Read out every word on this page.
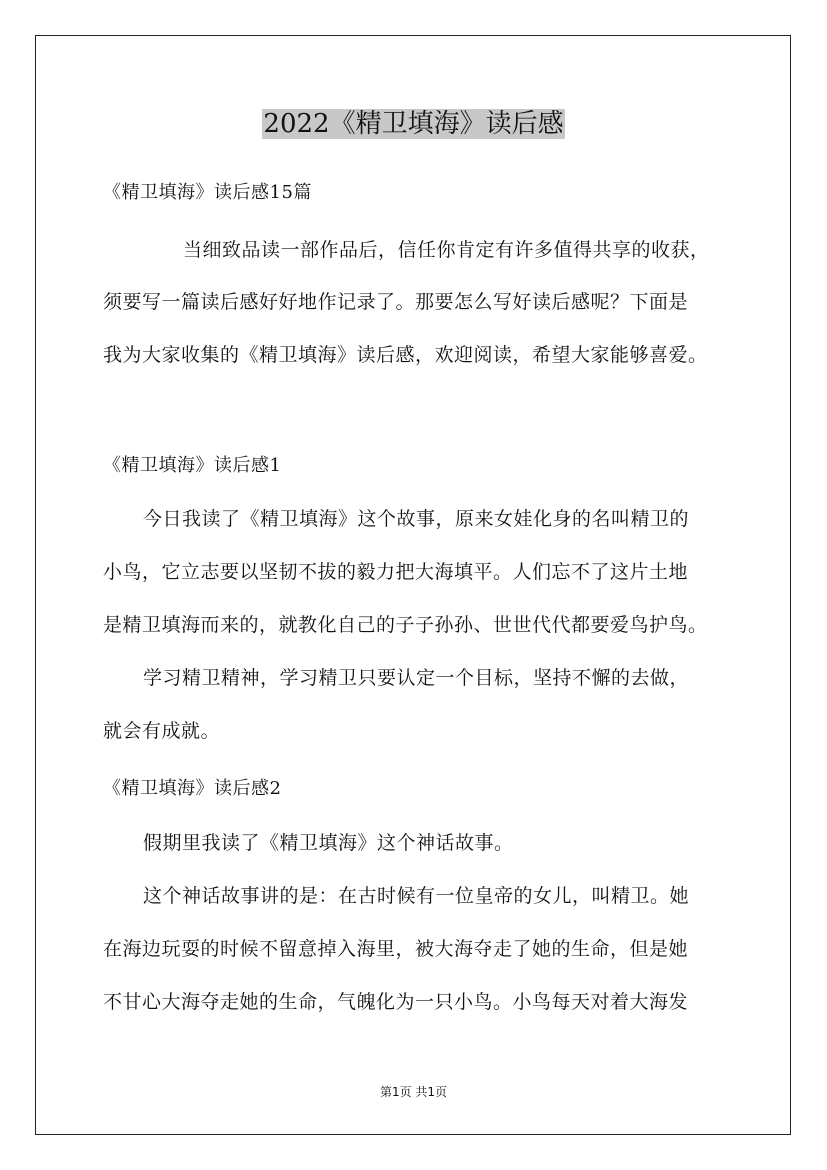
2022《精卫填海》读后感
《精卫填海》读后感15篇
当细致品读一部作品后，信任你肯定有许多值得共享的收获，
须要写一篇读后感好好地作记录了。那要怎么写好读后感呢？下面是
我为大家收集的《精卫填海》读后感，欢迎阅读，希望大家能够喜爱。
《精卫填海》读后感1
今日我读了《精卫填海》这个故事，原来女娃化身的名叫精卫的
小鸟，它立志要以坚韧不拔的毅力把大海填平。人们忘不了这片土地
是精卫填海而来的，就教化自己的子子孙孙、世世代代都要爱鸟护鸟。
学习精卫精神，学习精卫只要认定一个目标，坚持不懈的去做，
就会有成就。
《精卫填海》读后感2
假期里我读了《精卫填海》这个神话故事。
这个神话故事讲的是：在古时候有一位皇帝的女儿，叫精卫。她
在海边玩耍的时候不留意掉入海里，被大海夺走了她的生命，但是她
不甘心大海夺走她的生命，气魄化为一只小鸟。小鸟每天对着大海发
第1页 共1页
